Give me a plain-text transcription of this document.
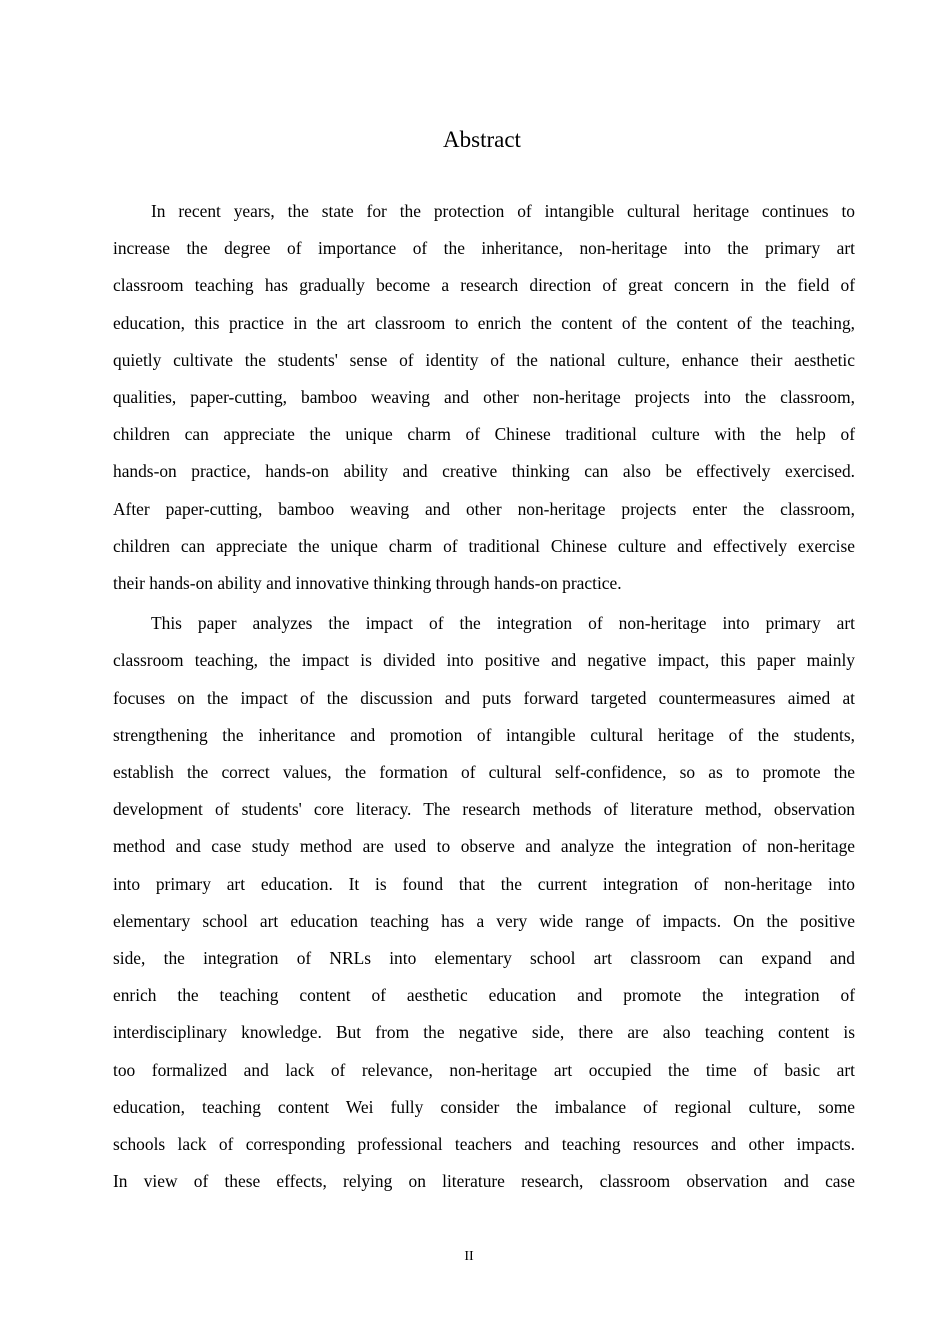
Abstract

In recent years, the state for the protection of intangible cultural heritage continues to
increase the degree of importance of the inheritance, non-heritage into the primary art
classroom teaching has gradually become a research direction of great concern in the field of
education, this practice in the art classroom to enrich the content of the content of the teaching,
quietly cultivate the students' sense of identity of the national culture, enhance their aesthetic
qualities, paper-cutting, bamboo weaving and other non-heritage projects into the classroom,
children can appreciate the unique charm of Chinese traditional culture with the help of
hands-on practice, hands-on ability and creative thinking can also be effectively exercised.
After paper-cutting, bamboo weaving and other non-heritage projects enter the classroom,
children can appreciate the unique charm of traditional Chinese culture and effectively exercise
their hands-on ability and innovative thinking through hands-on practice.

This paper analyzes the impact of the integration of non-heritage into primary art
classroom teaching, the impact is divided into positive and negative impact, this paper mainly
focuses on the impact of the discussion and puts forward targeted countermeasures aimed at
strengthening the inheritance and promotion of intangible cultural heritage of the students,
establish the correct values, the formation of cultural self-confidence, so as to promote the
development of students' core literacy. The research methods of literature method, observation
method and case study method are used to observe and analyze the integration of non-heritage
into primary art education. It is found that the current integration of non-heritage into
elementary school art education teaching has a very wide range of impacts. On the positive
side, the integration of NRLs into elementary school art classroom can expand and
enrich the teaching content of aesthetic education and promote the integration of
interdisciplinary knowledge. But from the negative side, there are also teaching content is
too formalized and lack of relevance, non-heritage art occupied the time of basic art
education, teaching content Wei fully consider the imbalance of regional culture, some
schools lack of corresponding professional teachers and teaching resources and other impacts.
In view of these effects, relying on literature research, classroom observation and case

II
